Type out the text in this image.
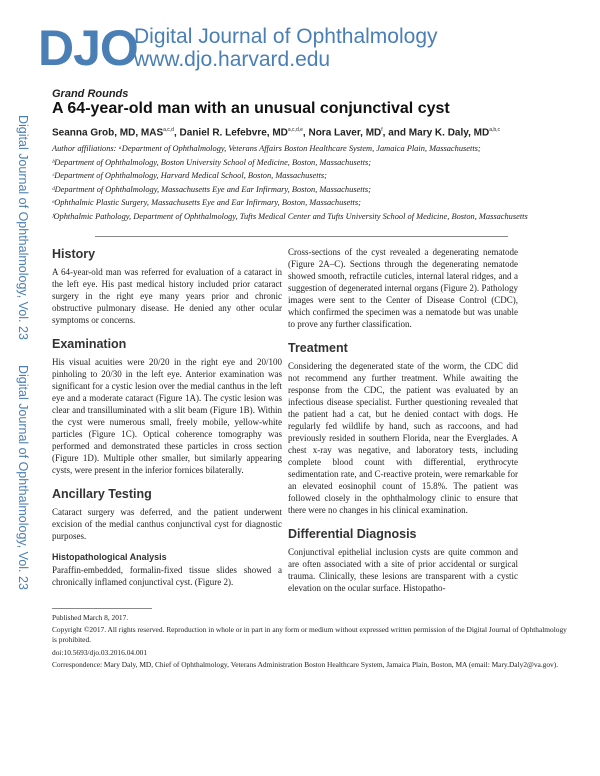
DJO
Digital Journal of Ophthalmology
www.djo.harvard.edu
Digital Journal of Ophthalmology, Vol. 23
Digital Journal of Ophthalmology, Vol. 23
Grand Rounds
A 64-year-old man with an unusual conjunctival cyst
Seanna Grob, MD, MAS$^{a,c,d}$, Daniel R. Lefebvre, MD$^{a,c,d,e}$, Nora Laver, $MD^f$, and Mary K. Daly, MD$^{a,b,c}$
Author affiliations: ᵃDepartment of Ophthalmology, Veterans Affairs Boston Healthcare System, Jamaica Plain, Massachusetts;
ᵇDepartment of Ophthalmology, Boston University School of Medicine, Boston, Massachusetts;
ᶜDepartment of Ophthalmology, Harvard Medical School, Boston, Massachusetts;
ᵈDepartment of Ophthalmology, Massachusetts Eye and Ear Infirmary, Boston, Massachusetts;
ᵉOphthalmic Plastic Surgery, Massachusetts Eye and Ear Infirmary, Boston, Massachusetts;
ᶠOphthalmic Pathology, Department of Ophthalmology, Tufts Medical Center and Tufts University School of Medicine, Boston, Massachusetts
History

A 64-year-old man was referred for evaluation of a cataract in the left eye. His past medical history included prior cataract surgery in the right eye many years prior and chronic obstructive pulmonary disease. He denied any other ocular symptoms or concerns.

Examination

His visual acuities were 20/20 in the right eye and 20/100 pinholing to 20/30 in the left eye. Anterior examination was significant for a cystic lesion over the medial canthus in the left eye and a moderate cataract (Figure 1A). The cystic lesion was clear and transilluminated with a slit beam (Figure 1B). Within the cyst were numerous small, freely mobile, yellow-white particles (Figure 1C). Optical coherence tomography was performed and demonstrated these particles in cross section (Figure 1D). Multiple other smaller, but similarly appearing cysts, were present in the inferior fornices bilaterally.

Ancillary Testing

Cataract surgery was deferred, and the patient underwent excision of the medial canthus conjunctival cyst for diagnostic purposes.

Histopathological Analysis

Paraffin-embedded, formalin-fixed tissue slides showed a chronically inflamed conjunctival cyst. (Figure 2).

Cross-sections of the cyst revealed a degenerating nematode (Figure 2A–C). Sections through the degenerating nematode showed smooth, refractile cuticles, internal lateral ridges, and a suggestion of degenerated internal organs (Figure 2). Pathology images were sent to the Center of Disease Control (CDC), which confirmed the specimen was a nematode but was unable to prove any further classification.

Treatment

Considering the degenerated state of the worm, the CDC did not recommend any further treatment. While awaiting the response from the CDC, the patient was evaluated by an infectious disease specialist. Further questioning revealed that the patient had a cat, but he denied contact with dogs. He regularly fed wildlife by hand, such as raccoons, and had previously resided in southern Florida, near the Everglades. A chest x-ray was negative, and laboratory tests, including complete blood count with differential, erythrocyte sedimentation rate, and C-reactive protein, were remarkable for an elevated eosinophil count of 15.8%. The patient was followed closely in the ophthalmology clinic to ensure that there were no changes in his clinical examination.

Differential Diagnosis

Conjunctival epithelial inclusion cysts are quite common and are often associated with a site of prior accidental or surgical trauma. Clinically, these lesions are transparent with a cystic elevation on the ocular surface. Histopatho-

Published March 8, 2017.
Copyright ©2017. All rights reserved. Reproduction in whole or in part in any form or medium without expressed written permission of the Digital Journal of Ophthalmology is prohibited.
doi:10.5693/djo.03.2016.04.001
Correspondence: Mary Daly, MD, Chief of Ophthalmology, Veterans Administration Boston Healthcare System, Jamaica Plain, Boston, MA (email: Mary.Daly2@va.gov).
